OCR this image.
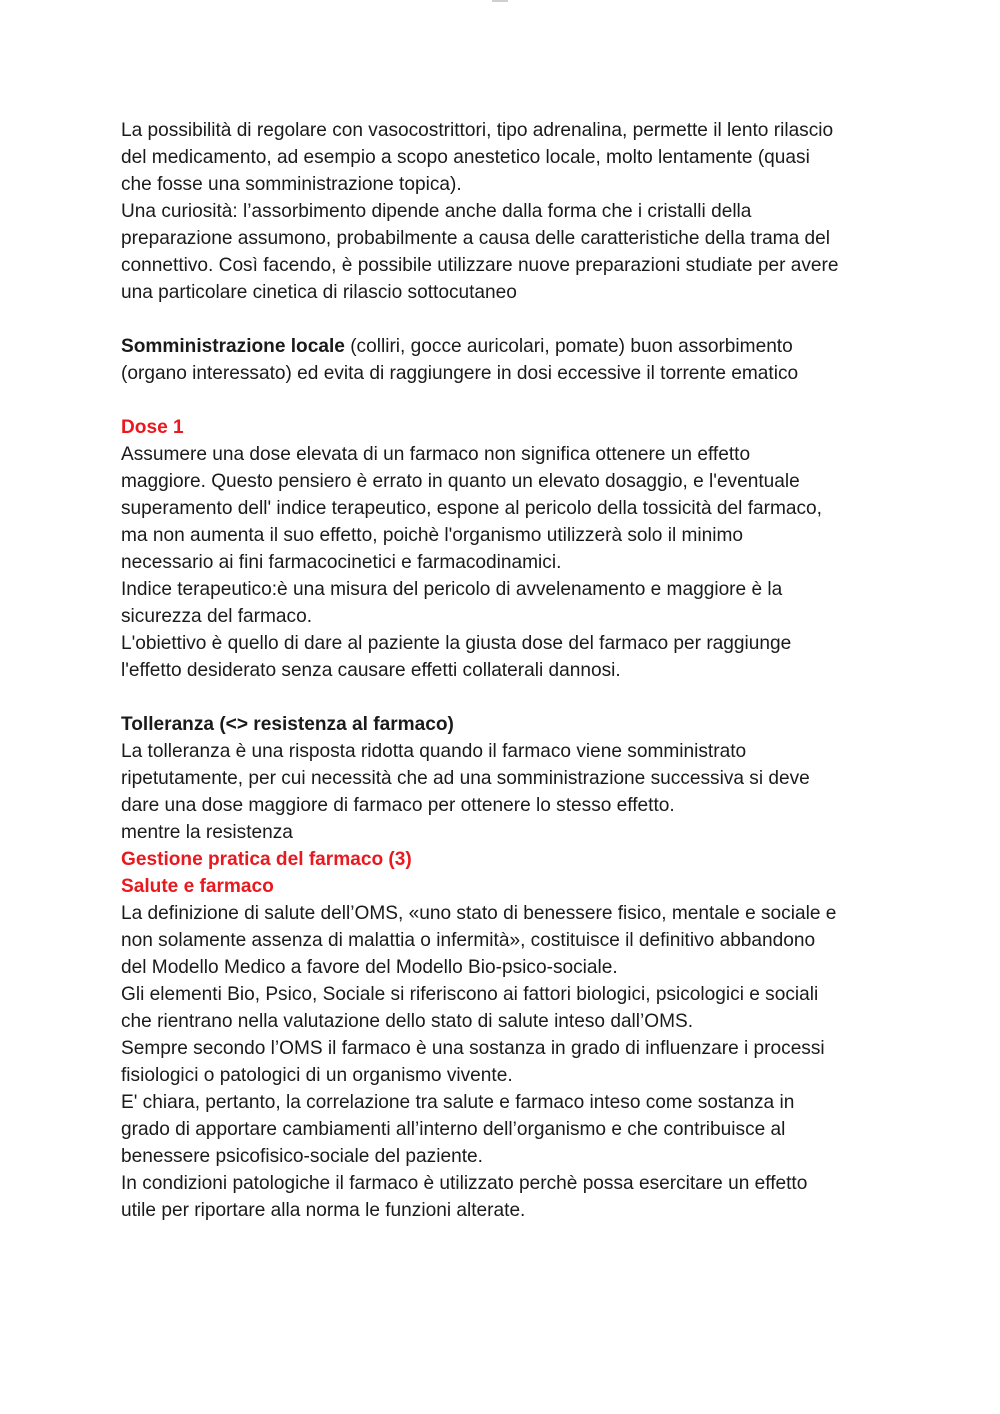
La possibilità di regolare con vasocostrittori, tipo adrenalina, permette il lento rilascio
del medicamento, ad esempio a scopo anestetico locale, molto lentamente (quasi
che fosse una somministrazione topica).
Una curiosità: l’assorbimento dipende anche dalla forma che i cristalli della
preparazione assumono, probabilmente a causa delle caratteristiche della trama del
connettivo. Così facendo, è possibile utilizzare nuove preparazioni studiate per avere
una particolare cinetica di rilascio sottocutaneo
Somministrazione locale (colliri, gocce auricolari, pomate) buon assorbimento
(organo interessato) ed evita di raggiungere in dosi eccessive il torrente ematico
Dose 1
Assumere una dose elevata di un farmaco non significa ottenere un effetto
maggiore. Questo pensiero è errato in quanto un elevato dosaggio, e l'eventuale
superamento dell' indice terapeutico, espone al pericolo della tossicità del farmaco,
ma non aumenta il suo effetto, poichè l'organismo utilizzerà solo il minimo
necessario ai fini farmacocinetici e farmacodinamici.
Indice terapeutico:è una misura del pericolo di avvelenamento e maggiore è la
sicurezza del farmaco.
L'obiettivo è quello di dare al paziente la giusta dose del farmaco per raggiunge
l'effetto desiderato senza causare effetti collaterali dannosi.
Tolleranza (<> resistenza al farmaco)
La tolleranza è una risposta ridotta quando il farmaco viene somministrato
ripetutamente, per cui necessità che ad una somministrazione successiva si deve
dare una dose maggiore di farmaco per ottenere lo stesso effetto.
mentre la resistenza
Gestione pratica del farmaco (3)
Salute e farmaco
La definizione di salute dell’OMS, «uno stato di benessere fisico, mentale e sociale e
non solamente assenza di malattia o infermità», costituisce il definitivo abbandono
del Modello Medico a favore del Modello Bio-psico-sociale.
Gli elementi Bio, Psico, Sociale si riferiscono ai fattori biologici, psicologici e sociali
che rientrano nella valutazione dello stato di salute inteso dall’OMS.
Sempre secondo l’OMS il farmaco è una sostanza in grado di influenzare i processi
fisiologici o patologici di un organismo vivente.
E' chiara, pertanto, la correlazione tra salute e farmaco inteso come sostanza in
grado di apportare cambiamenti all’interno dell’organismo e che contribuisce al
benessere psicofisico-sociale del paziente.
In condizioni patologiche il farmaco è utilizzato perchè possa esercitare un effetto
utile per riportare alla norma le funzioni alterate.
